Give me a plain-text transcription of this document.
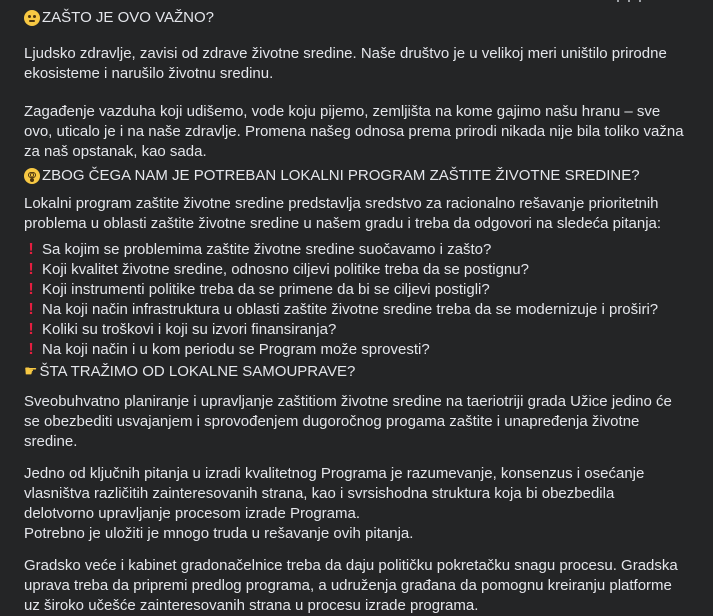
· · ·
ZAŠTO JE OVO VAŽNO?

Ljudsko zdravlje, zavisi od zdrave životne sredine. Naše društvo je u velikoj meri uništilo prirodne ekosisteme i narušilo životnu sredinu.

Zagađenje vazduha koji udišemo, vode koju pijemo, zemljišta na kome gajimo našu hranu – sve ovo, uticalo je i na naše zdravlje. Promena našeg odnosa prema prirodi nikada nije bila toliko važna za naš opstanak, kao sada.

ZBOG ČEGA NAM JE POTREBAN LOKALNI PROGRAM ZAŠTITE ŽIVOTNE SREDINE?

Lokalni program zaštite životne sredine predstavlja sredstvo za racionalno rešavanje prioritetnih problema u oblasti zaštite životne sredine u našem gradu i treba da odgovori na sledeća pitanja:

! Sa kojim se problemima zaštite životne sredine suočavamo i zašto?
! Koji kvalitet životne sredine, odnosno ciljevi politike treba da se postignu?
! Koji instrumenti politike treba da se primene da bi se ciljevi postigli?
! Na koji način infrastruktura u oblasti zaštite životne sredine treba da se modernizuje i proširi?
! Koliki su troškovi i koji su izvori finansiranja?
! Na koji način i u kom periodu se Program može sprovesti?
☛ ŠTA TRAŽIMO OD LOKALNE SAMOUPRAVE?

Sveobuhvatno planiranje i upravljanje zaštitiom životne sredine na taeriotriji grada Užice jedino će se obezbediti usvajanjem i sprovođenjem dugoročnog progama zaštite i unapređenja životne sredine.

Jedno od ključnih pitanja u izradi kvalitetnog Programa je razumevanje, konsenzus i osećanje vlasništva različitih zainteresovanih strana, kao i svrsishodna struktura koja bi obezbedila delotvorno upravljanje procesom izrade Programa.

Potrebno je uložiti je mnogo truda u rešavanje ovih pitanja.

Gradsko veće i kabinet gradonačelnice treba da daju političku pokretačku snagu procesu. Gradska uprava treba da pripremi predlog programa, a udruženja građana da pomognu kreiranju platforme uz široko učešće zainteresovanih strana u procesu izrade programa.
